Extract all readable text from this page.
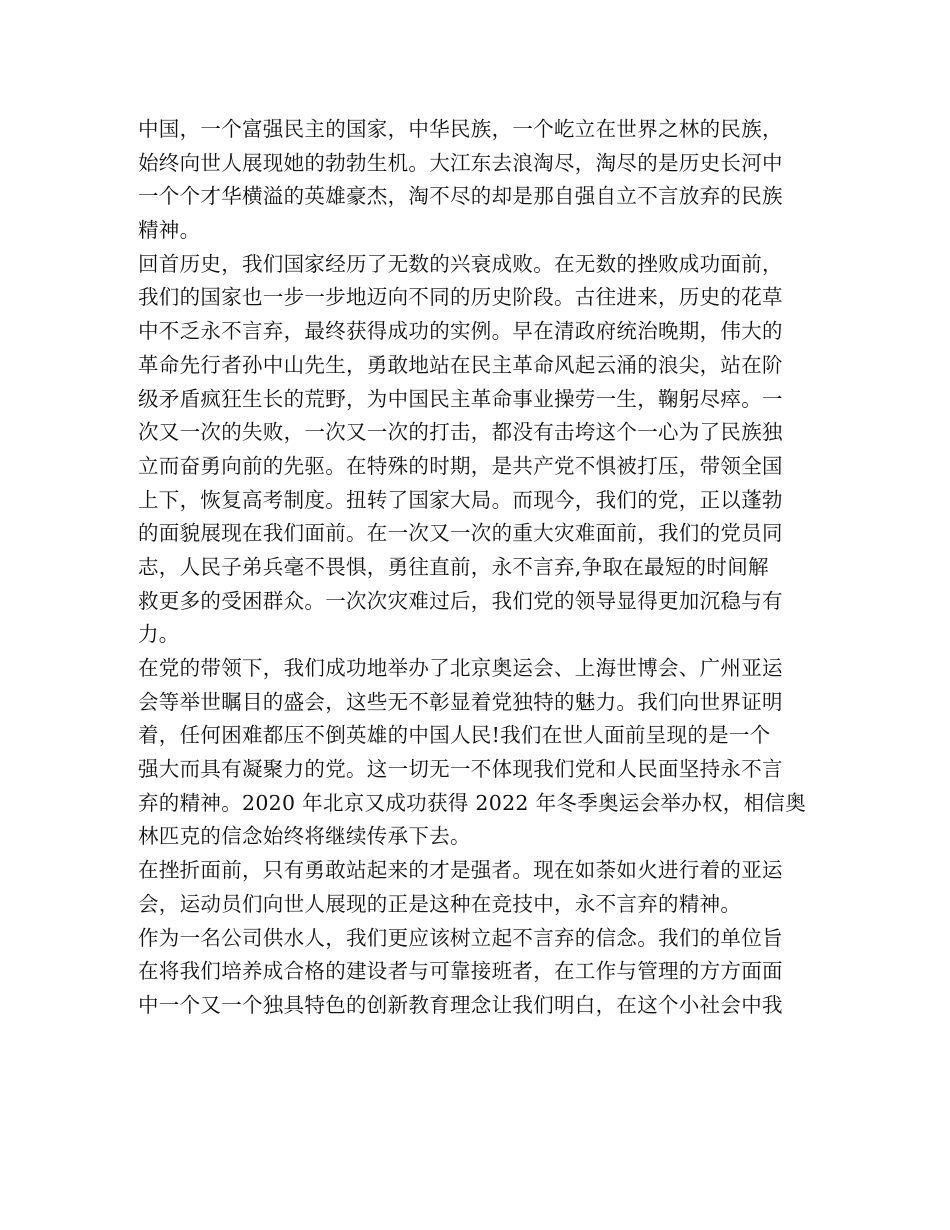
中国，一个富强民主的国家，中华民族，一个屹立在世界之林的民族，
始终向世人展现她的勃勃生机。大江东去浪淘尽，淘尽的是历史长河中
一个个才华横溢的英雄豪杰，淘不尽的却是那自强自立不言放弃的民族
精神。
回首历史，我们国家经历了无数的兴衰成败。在无数的挫败成功面前，
我们的国家也一步一步地迈向不同的历史阶段。古往进来，历史的花草
中不乏永不言弃，最终获得成功的实例。早在清政府统治晚期，伟大的
革命先行者孙中山先生，勇敢地站在民主革命风起云涌的浪尖，站在阶
级矛盾疯狂生长的荒野，为中国民主革命事业操劳一生，鞠躬尽瘁。一
次又一次的失败，一次又一次的打击，都没有击垮这个一心为了民族独
立而奋勇向前的先驱。在特殊的时期，是共产党不惧被打压，带领全国
上下，恢复高考制度。扭转了国家大局。而现今，我们的党，正以蓬勃
的面貌展现在我们面前。在一次又一次的重大灾难面前，我们的党员同
志，人民子弟兵毫不畏惧，勇往直前，永不言弃,争取在最短的时间解
救更多的受困群众。一次次灾难过后，我们党的领导显得更加沉稳与有
力。
在党的带领下，我们成功地举办了北京奥运会、上海世博会、广州亚运
会等举世瞩目的盛会，这些无不彰显着党独特的魅力。我们向世界证明
着，任何困难都压不倒英雄的中国人民!我们在世人面前呈现的是一个
强大而具有凝聚力的党。这一切无一不体现我们党和人民面坚持永不言
弃的精神。2020 年北京又成功获得 2022 年冬季奥运会举办权，相信奥
林匹克的信念始终将继续传承下去。
在挫折面前，只有勇敢站起来的才是强者。现在如荼如火进行着的亚运
会，运动员们向世人展现的正是这种在竞技中，永不言弃的精神。
作为一名公司供水人，我们更应该树立起不言弃的信念。我们的单位旨
在将我们培养成合格的建设者与可靠接班者，在工作与管理的方方面面
中一个又一个独具特色的创新教育理念让我们明白，在这个小社会中我
